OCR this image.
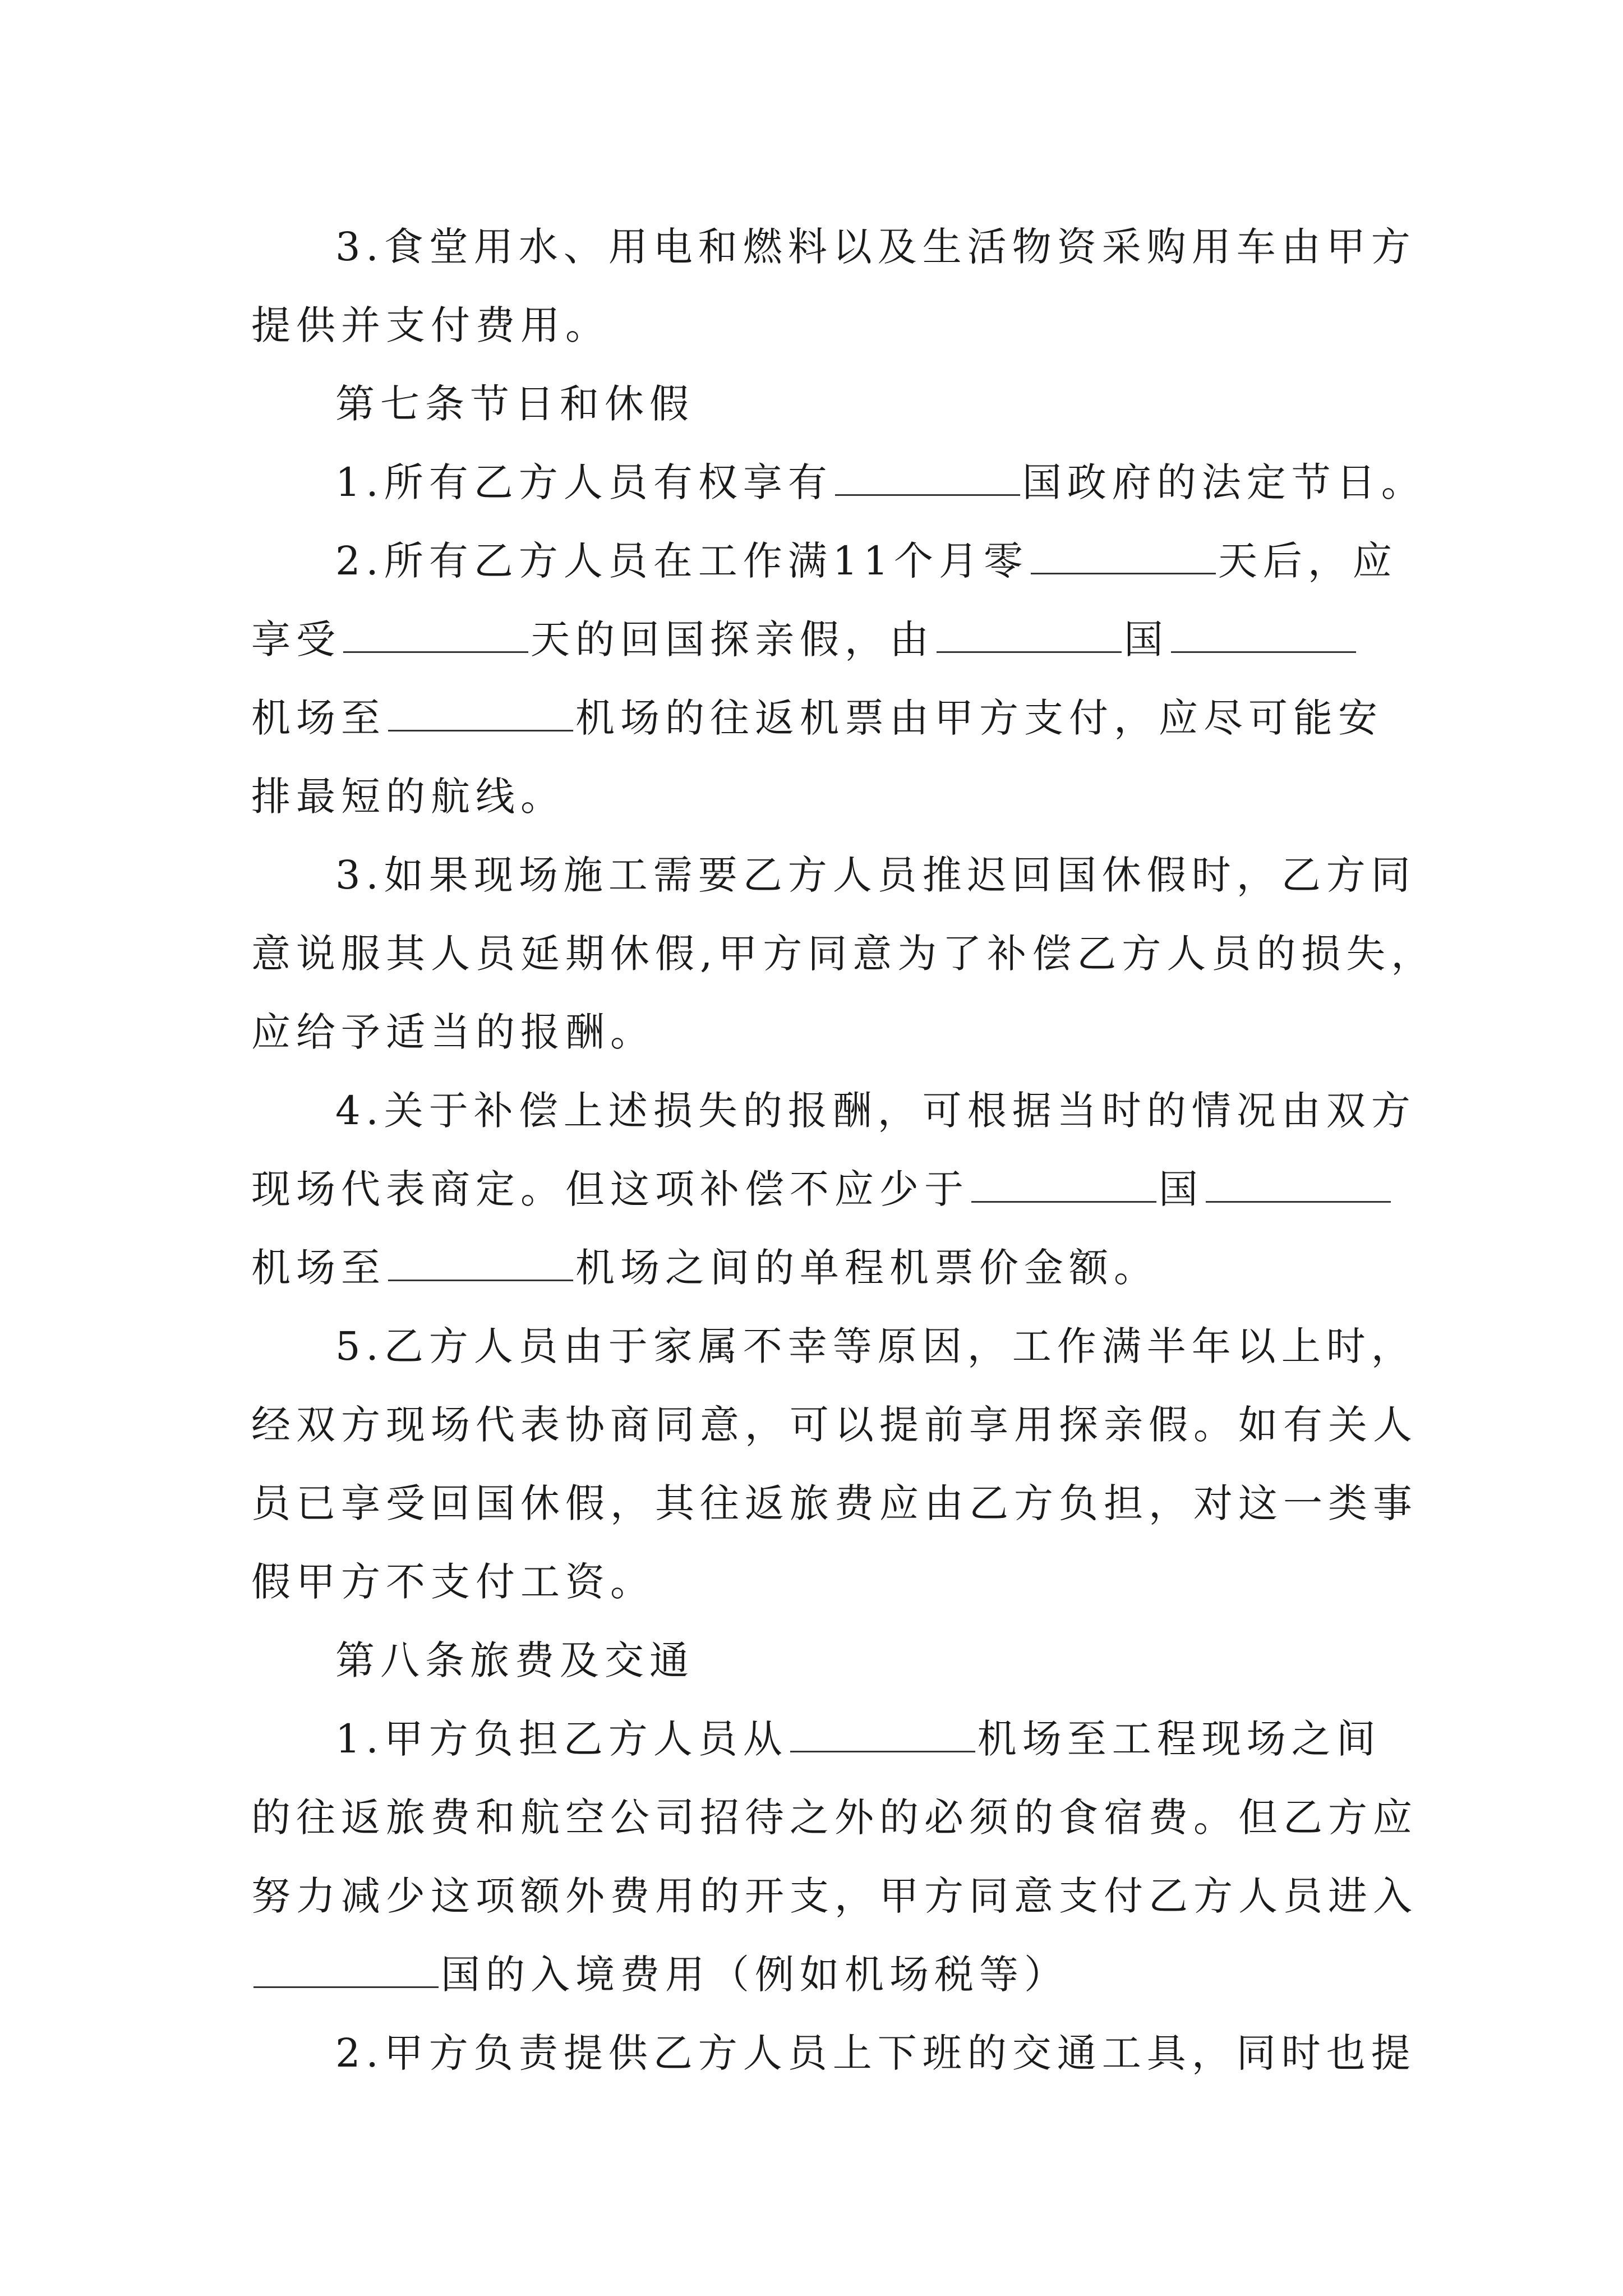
3.食堂用水、用电和燃料以及生活物资采购用车由甲方
提供并支付费用。
第七条节日和休假
1.所有乙方人员有权享有	国政府的法定节日。
2.所有乙方人员在工作满11个月零	天后，应
享受	天的回国探亲假，由	国
机场至	机场的往返机票由甲方支付，应尽可能安
排最短的航线。
3.如果现场施工需要乙方人员推迟回国休假时，乙方同
意说服其人员延期休假,甲方同意为了补偿乙方人员的损失，
应给予适当的报酬。
4.关于补偿上述损失的报酬，可根据当时的情况由双方
现场代表商定。但这项补偿不应少于	国
机场至	机场之间的单程机票价金额。
5.乙方人员由于家属不幸等原因，工作满半年以上时，
经双方现场代表协商同意，可以提前享用探亲假。如有关人
员已享受回国休假，其往返旅费应由乙方负担，对这一类事
假甲方不支付工资。
第八条旅费及交通
1.甲方负担乙方人员从	机场至工程现场之间
的往返旅费和航空公司招待之外的必须的食宿费。但乙方应
努力减少这项额外费用的开支，甲方同意支付乙方人员进入
国的入境费用（例如机场税等）
2.甲方负责提供乙方人员上下班的交通工具，同时也提
